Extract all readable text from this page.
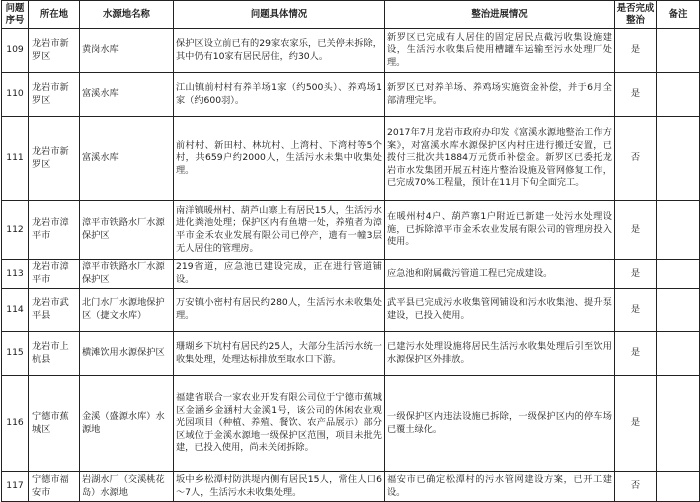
问题序号	所在地	水源地名称	问题具体情况	整治进展情况	是否完成整治	备注
109	龙岩市新罗区	黄岗水库	保护区设立前已有的29家农家乐，已关停未拆除，其中仍有10家有居民居住，约30人。	新罗区已完成有人居住的固定居民点截污收集设施建设，生活污水收集后使用槽罐车运输至污水处理厂处理。	是	
110	龙岩市新罗区	富溪水库	江山镇前村村有养羊场1家（约500头）、养鸡场1家（约600羽）。	新罗区已对养羊场、养鸡场实施资金补偿，并于6月全部清理完毕。	是	
111	龙岩市新罗区	富溪水库	前村村、新田村、林坑村、上湾村、下湾村等5个村，共659户约2000人，生活污水未集中收集处理。	2017年7月龙岩市政府办印发《富溪水源地整治工作方案》，对富溪水库水源保护区内村庄进行搬迁安置，已拨付三批次共1884万元货币补偿金。新罗区已委托龙岩市水发集团开展五村连片整治设施及管网修复工作，已完成70%工程量，预计在11月下旬全面完工。	否	
112	龙岩市漳平市	漳平市铁路水厂水源保护区	南洋镇暖州村、葫芦山寨上有居民15人，生活污水进化粪池处理；保护区内有鱼塘一处，养殖者为漳平市金禾农业发展有限公司已停产，遗有一幢3层无人居住的管理房。	在暖州村4户、葫芦寨1户附近已新建一处污水处理设施，已拆除漳平市金禾农业发展有限公司的管理房投入使用。	是	
113	龙岩市漳平市	漳平市铁路水厂水源保护区	219省道，应急池已建设完成，正在进行管道铺设。	应急池和附属截污管道工程已完成建设。	是	
114	龙岩市武平县	北门水厂水源地保护区（捷文水库）	万安镇小密村有居民约280人，生活污水未收集处理。	武平县已完成污水收集管网铺设和污水收集池、提升泵建设，已投入使用。	是	
115	龙岩市上杭县	横滩饮用水源保护区	珊瑚乡下坑村有居民约25人，大部分生活污水统一收集处理，处理达标排放至取水口下游。	已建污水处理设施将居民生活污水收集处理后引至饮用水源保护区外排放。	是	
116	宁德市蕉城区	金溪（盛源水库）水源地	福建省联合一家农业开发有限公司位于宁德市蕉城区金涵乡金涵村大金溪1号，该公司的休闲农业观光园项目（种植、养殖、餐饮、农产品展示）部分区域位于金溪水源地一级保护区范围，项目未批先建，已投入使用，尚未关闭拆除。	一级保护区内违法设施已拆除，一级保护区内的停车场已覆土绿化。	是	
117	宁德市福安市	岩湖水厂（交溪桃花岛）水源地	坂中乡松潭村防洪堤内侧有居民15人，常住人口6～7人，生活污水未收集处理。	福安市已确定松潭村的污水管网建设方案，已开工建设。	否	
